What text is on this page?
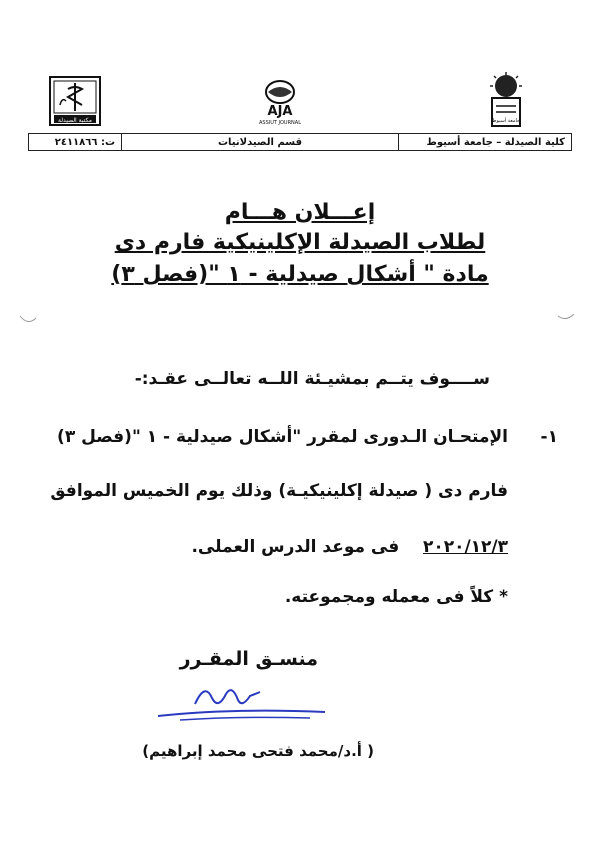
مكتبة الصيدلة
AJA
ASSIUT JOURNAL	جامعة أسيوط
كلية الصيدلة – جامعة أسيوط
قسم الصيدلانيات
ت: ٢٤١١٨٦٦
إعـــلان هـــام
لطلاب الصيدلة الإكلينيكية فارم دى
مادة " أشكال صيدلية - ١ "(فصل ٣)
ســــوف يتــم بمشيـئة اللــه تعالــى عقـد:-
١-
الإمتحـان الـدورى لمقرر "أشكال صيدلية - ١ "(فصل ٣)
فارم دى ( صيدلة إكلينيكيـة) وذلك يوم الخميس الموافق
٢٠٢٠/١٢/٣    فى موعد الدرس العملى.
* كلاً فى معمله ومجموعته.
منسـق المقـرر
( أ.د/محمد فتحى محمد إبراهيم)
